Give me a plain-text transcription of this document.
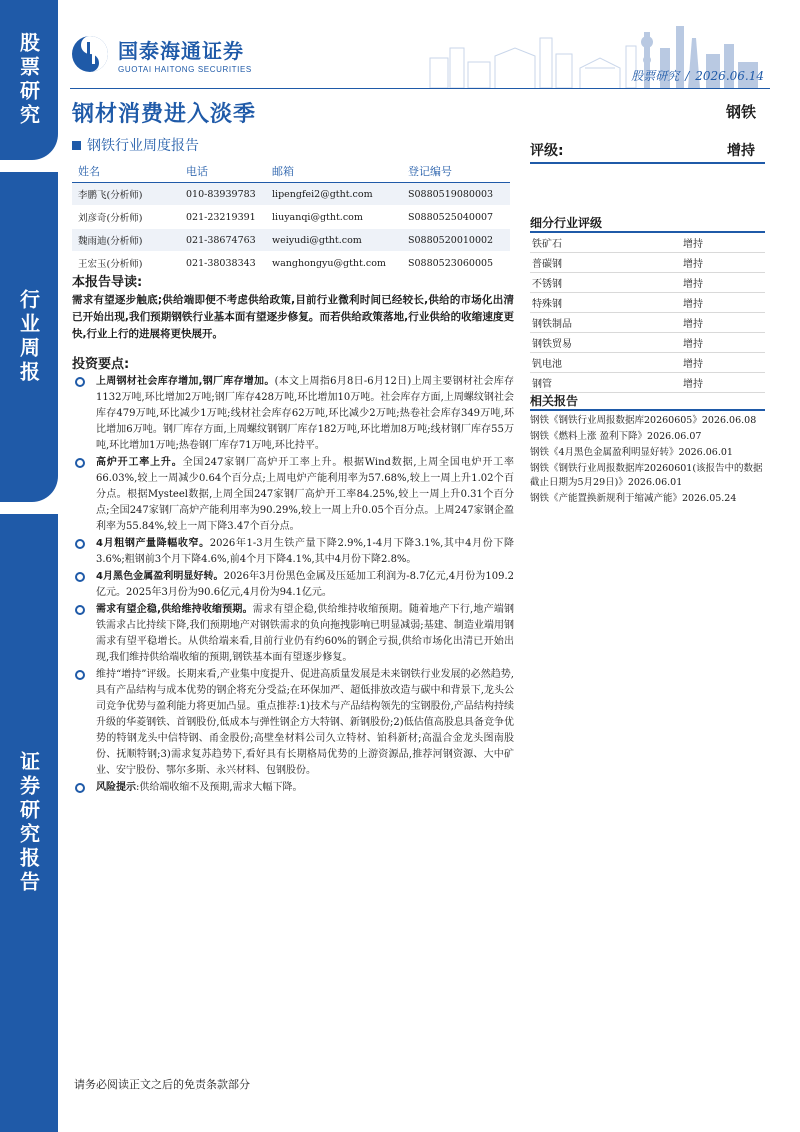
股票研究
行业周报
证券研究报告
国泰海通证券
GUOTAI HAITONG SECURITIES	股票研究 / 2026.06.14
钢材消费进入淡季	钢铁
钢铁行业周度报告	评级:	增持
姓名	电话	邮箱	登记编号
李鹏飞(分析师)	010-83939783	lipengfei2@gtht.com	S0880519080003
刘彦奇(分析师)	021-23219391	liuyanqi@gtht.com	S0880525040007
魏雨迪(分析师)	021-38674763	weiyudi@gtht.com	S0880520010002
王宏玉(分析师)	021-38038343	wanghongyu@gtht.com	S0880523060005
本报告导读:
需求有望逐步触底;供给端即便不考虑供给政策,目前行业微利时间已经较长,供给的市场化出清已开始出现,我们预期钢铁行业基本面有望逐步修复。而若供给政策落地,行业供给的收缩速度更快,行业上行的进展将更快展开。
投资要点:
上周钢材社会库存增加,钢厂库存增加。(本文上周指6月8日-6月12日)上周主要钢材社会库存1132万吨,环比增加2万吨;钢厂库存428万吨,环比增加10万吨。社会库存方面,上周螺纹钢社会库存479万吨,环比减少1万吨;线材社会库存62万吨,环比减少2万吨;热卷社会库存349万吨,环比增加6万吨。钢厂库存方面,上周螺纹钢钢厂库存182万吨,环比增加8万吨;线材钢厂库存55万吨,环比增加1万吨;热卷钢厂库存71万吨,环比持平。
高炉开工率上升。全国247家钢厂高炉开工率上升。根据Wind数据,上周全国电炉开工率66.03%,较上一周减少0.64个百分点;上周电炉产能利用率为57.68%,较上一周上升1.02个百分点。根据Mysteel数据,上周全国247家钢厂高炉开工率84.25%,较上一周上升0.31个百分点;全国247家钢厂高炉产能利用率为90.29%,较上一周上升0.05个百分点。上周247家钢企盈利率为55.84%,较上一周下降3.47个百分点。
4月粗钢产量降幅收窄。2026年1-3月生铁产量下降2.9%,1-4月下降3.1%,其中4月份下降3.6%;粗钢前3个月下降4.6%,前4个月下降4.1%,其中4月份下降2.8%。
4月黑色金属盈利明显好转。2026年3月份黑色金属及压延加工利润为-8.7亿元,4月份为109.2亿元。2025年3月份为90.6亿元,4月份为94.1亿元。
需求有望企稳,供给维持收缩预期。需求有望企稳,供给维持收缩预期。随着地产下行,地产端钢铁需求占比持续下降,我们预期地产对钢铁需求的负向拖拽影响已明显减弱;基建、制造业端用钢需求有望平稳增长。从供给端来看,目前行业仍有约60%的钢企亏损,供给市场化出清已开始出现,我们维持供给端收缩的预期,钢铁基本面有望逐步修复。
维持“增持”评级。长期来看,产业集中度提升、促进高质量发展是未来钢铁行业发展的必然趋势,具有产品结构与成本优势的钢企将充分受益;在环保加严、超低排放改造与碳中和背景下,龙头公司竞争优势与盈利能力将更加凸显。重点推荐:1)技术与产品结构领先的宝钢股份,产品结构持续升级的华菱钢铁、首钢股份,低成本与弹性钢企方大特钢、新钢股份;2)低估值高股息具备竞争优势的特钢龙头中信特钢、甬金股份;高壁垒材料公司久立特材、铂科新材;高温合金龙头图南股份、抚顺特钢;3)需求复苏趋势下,看好具有长期格局优势的上游资源品,推荐河钢资源、大中矿业、安宁股份、鄂尔多斯、永兴材料、包钢股份。
风险提示:供给端收缩不及预期,需求大幅下降。
细分行业评级
铁矿石	增持
普碳钢	增持
不锈钢	增持
特殊钢	增持
钢铁制品	增持
钢铁贸易	增持
钒电池	增持
钢管	增持
相关报告
钢铁《钢铁行业周报数据库20260605》2026.06.08
钢铁《燃料上涨 盈利下降》2026.06.07
钢铁《4月黑色金属盈利明显好转》2026.06.01
钢铁《钢铁行业周报数据库20260601(该报告中的数据截止日期为5月29日)》2026.06.01
钢铁《产能置换新规利于缩减产能》2026.05.24
请务必阅读正文之后的免责条款部分
